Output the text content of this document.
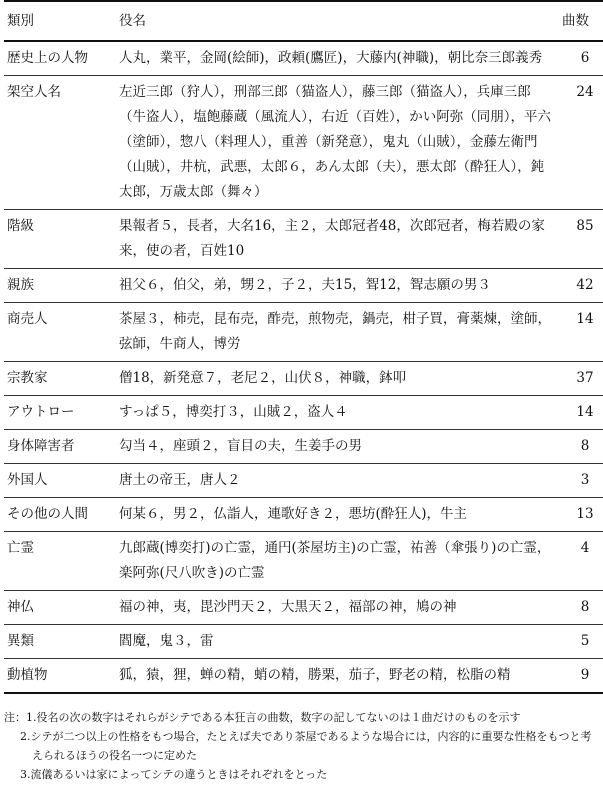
類別	役名	曲数
歴史上の人物	人丸，業平，金岡(絵師)，政頼(鷹匠)，大藤内(神職)，朝比奈三郎義秀	6
架空人名	左近三郎（狩人），刑部三郎（猫盗人），藤三郎（猫盗人），兵庫三郎（牛盗人），塩飽藤蔵（風流人），右近（百姓），かい阿弥（同朋），平六（塗師），惣八（料理人），重善（新発意），鬼丸（山賊），金藤左衛門（山賊），井杭，武悪，太郎６，あん太郎（夫），悪太郎（酔狂人），鈍太郎，万歳太郎（舞々）	24
階級	果報者５，長者，大名16，主２，太郎冠者48，次郎冠者，梅若殿の家来，使の者，百姓10	85
親族	祖父６，伯父，弟，甥２，子２，夫15，聟12，聟志願の男３	42
商売人	茶屋３，柿売，昆布売，酢売，煎物売，鍋売，柑子買，膏薬煉，塗師，弦師，牛商人，博労	14
宗教家	僧18，新発意７，老尼２，山伏８，神職，鉢叩	37
アウトロー	すっぱ５，博奕打３，山賊２，盗人４	14
身体障害者	勾当４，座頭２，盲目の夫，生姜手の男	8
外国人	唐土の帝王，唐人２	3
その他の人間	何某６，男２，仏詣人，連歌好き２，悪坊(酔狂人)，牛主	13
亡霊	九郎蔵(博奕打)の亡霊，通円(茶屋坊主)の亡霊，祐善（傘張り)の亡霊，楽阿弥(尺八吹き)の亡霊	4
神仏	福の神，夷，毘沙門天２，大黒天２，福部の神，鳩の神	8
異類	閻魔，鬼３，雷	5
動植物	狐，猿，狸，蝉の精，蛸の精，勝栗，茄子，野老の精，松脂の精	9
注：1.役名の次の数字はそれらがシテである本狂言の曲数，数字の記してないのは１曲だけのものを示す
2.シテが二つ以上の性格をもつ場合，たとえば夫であり茶屋であるような場合には，内容的に重要な性格をもつと考えられるほうの役名一つに定めた
3.流儀あるいは家によってシテの違うときはそれぞれをとった
